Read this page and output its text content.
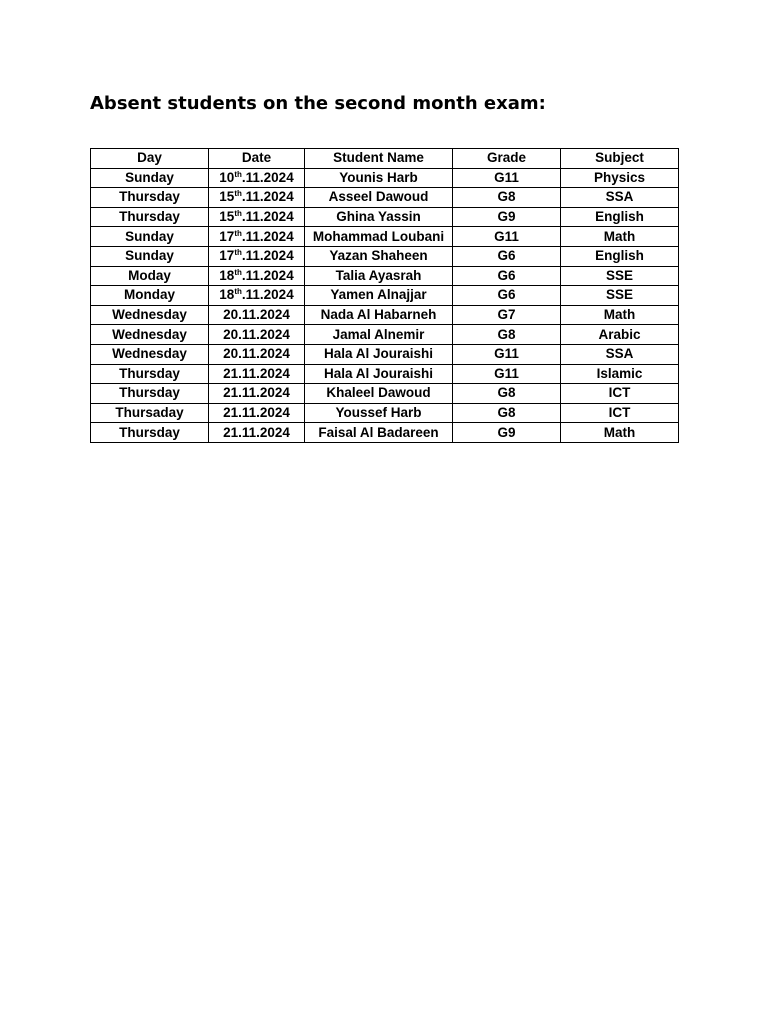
Absent students on the second month exam:
Day	Date	Student Name	Grade	Subject
Sunday	10th.11.2024	Younis Harb	G11	Physics
Thursday	15th.11.2024	Asseel Dawoud	G8	SSA
Thursday	15th.11.2024	Ghina Yassin	G9	English
Sunday	17th.11.2024	Mohammad Loubani	G11	Math
Sunday	17th.11.2024	Yazan Shaheen	G6	English
Moday	18th.11.2024	Talia Ayasrah	G6	SSE
Monday	18th.11.2024	Yamen Alnajjar	G6	SSE
Wednesday	20.11.2024	Nada Al Habarneh	G7	Math
Wednesday	20.11.2024	Jamal Alnemir	G8	Arabic
Wednesday	20.11.2024	Hala Al Jouraishi	G11	SSA
Thursday	21.11.2024	Hala Al Jouraishi	G11	Islamic
Thursday	21.11.2024	Khaleel Dawoud	G8	ICT
Thursaday	21.11.2024	Youssef Harb	G8	ICT
Thursday	21.11.2024	Faisal Al Badareen	G9	Math
